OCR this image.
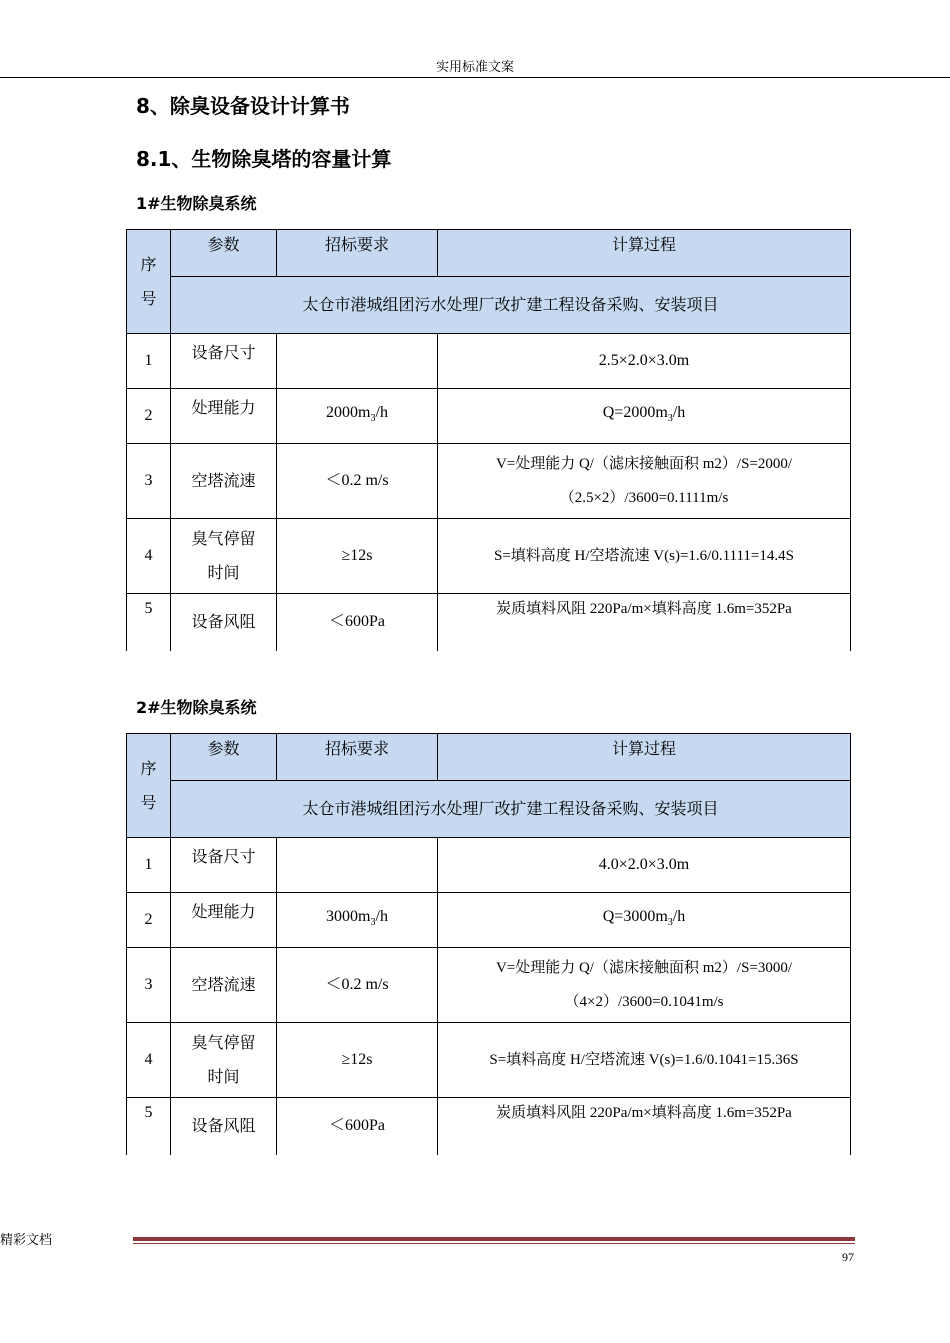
实用标准文案
8、除臭设备设计计算书
8.1、生物除臭塔的容量计算
1#生物除臭系统
序号	参数	招标要求	计算过程
	太仓市港城组团污水处理厂改扩建工程设备采购、安装项目		
1	设备尺寸		2.5×2.0×3.0m
2	处理能力	$2000m_3/h$	$Q=2000m_3/h$
3	空塔流速	＜0.2 m/s	V=处理能力 Q/（滤床接触面积 m2）/S=2000/
（2.5×2）/3600=0.1111m/s

4	臭气停留
时间	≥12s	S=填料高度 H/空塔流速 V(s)=1.6/0.1111=14.4S
5	设备风阻	＜600Pa	炭质填料风阻 220Pa/m×填料高度 1.6m=352Pa
2#生物除臭系统
序号	参数	招标要求	计算过程
	太仓市港城组团污水处理厂改扩建工程设备采购、安装项目		
1	设备尺寸		4.0×2.0×3.0m
2	处理能力	$3000m_3/h$	$Q=3000m_3/h$
3	空塔流速	＜0.2 m/s	V=处理能力 Q/（滤床接触面积 m2）/S=3000/
（4×2）/3600=0.1041m/s

4	臭气停留
时间	≥12s	S=填料高度 H/空塔流速 V(s)=1.6/0.1041=15.36S
5	设备风阻	＜600Pa	炭质填料风阻 220Pa/m×填料高度 1.6m=352Pa
精彩文档
97
